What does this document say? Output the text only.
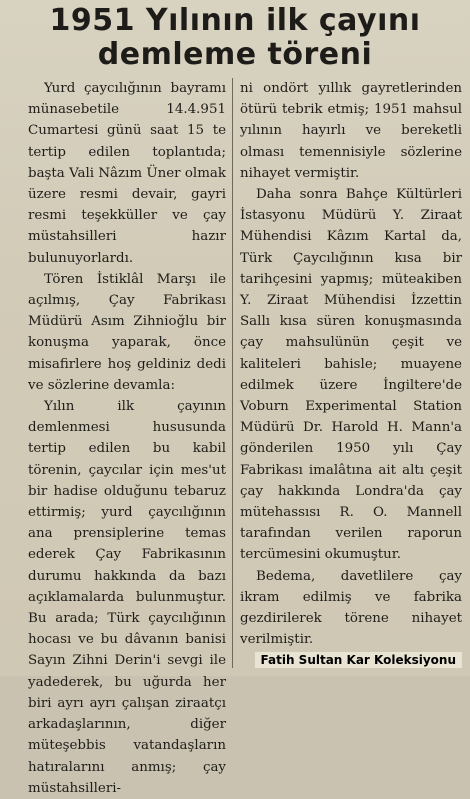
1951 Yılının ilk çayını
demleme töreni

Yurd çaycılığının bayramı münasebetile 14.4.951 Cumartesi günü saat 15 te tertip edilen toplantıda; başta Vali Nâzım Üner olmak üzere resmi devair, gayri resmi teşekküller ve çay müstahsilleri hazır bulunuyorlardı.

Tören İstiklâl Marşı ile açılmış, Çay Fabrikası Müdürü Asım Zihnioğlu bir konuşma yaparak, önce misafirlere hoş geldiniz dedi ve sözlerine devamla:

Yılın ilk çayının demlenmesi hususunda tertip edilen bu kabil törenin, çaycılar için mes'ut bir hadise olduğunu tebaruz ettirmiş; yurd çaycılığının ana prensiplerine temas ederek Çay Fabrikasının durumu hakkında da bazı açıklamalarda bulunmuştur. Bu arada; Türk çaycılığının hocası ve bu dâvanın banisi Sayın Zihni Derin'i sevgi ile yadederek, bu uğurda her biri ayrı ayrı çalışan ziraatçı arkadaşlarının, diğer müteşebbis vatandaşların hatıralarını anmış; çay müstahsilleri-

ni ondört yıllık gayretlerinden ötürü tebrik etmiş; 1951 mahsul yılının hayırlı ve bereketli olması temennisiyle sözlerine nihayet vermiştir.

Daha sonra Bahçe Kültürleri İstasyonu Müdürü Y. Ziraat Mühendisi Kâzım Kartal da, Türk Çaycılığının kısa bir tarihçesini yapmış; müteakiben Y. Ziraat Mühendisi İzzettin Sallı kısa süren konuşmasında çay mahsulünün çeşit ve kaliteleri bahisle; muayene edilmek üzere İngiltere'de Voburn Experimental Station Müdürü Dr. Harold H. Mann'a gönderilen 1950 yılı Çay Fabrikası imalâtına ait altı çeşit çay hakkında Londra'da çay mütehassısı R. O. Mannell tarafından verilen raporun tercümesini okumuştur.

Bedema, davetlilere çay ikram edilmiş ve fabrika gezdirilerek törene nihayet verilmiştir.

Fatih Sultan Kar Koleksiyonu
